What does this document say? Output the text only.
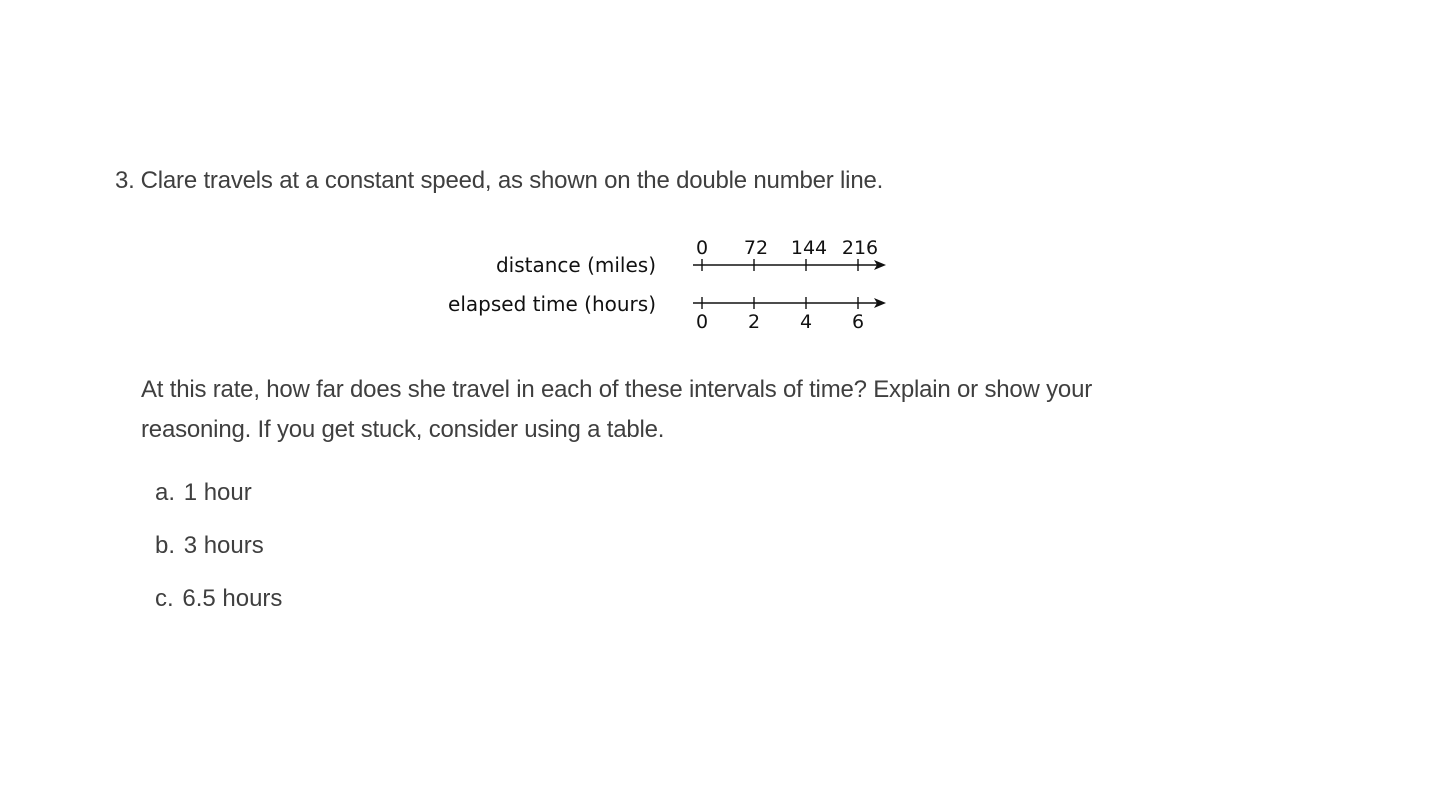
3. Clare travels at a constant speed, as shown on the double number line.
distance (miles)
elapsed time (hours)
0 72 144 216
0 2 4 6
At this rate, how far does she travel in each of these intervals of time? Explain or show your
reasoning. If you get stuck, consider using a table.
a. 1 hour
b. 3 hours
c. 6.5 hours
